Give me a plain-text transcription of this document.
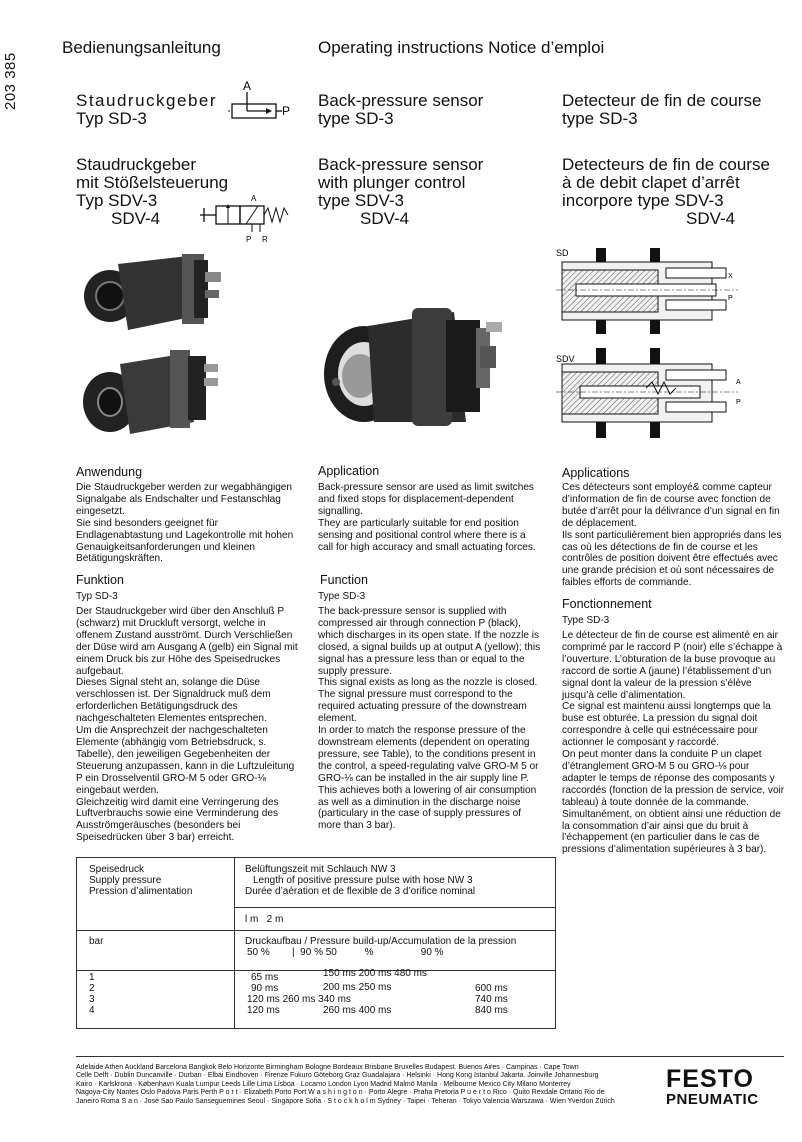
203 385
Bedienungsanleitung	Operating instructions Notice d’emploi
Staudruckgeber
Typ SD-3
Back-pressure sensor
type SD-3
Detecteur de fin de course
type SD-3
A
P
Staudruckgeber
mit Stößelsteuerung
Typ SDV-3
SDV-4
Back-pressure sensor
with plunger control
type SDV-3
SDV-4
Detecteurs de fin de course
à de debit clapet d’arrêt
incorpore type SDV-3
SDV-4
A
P R
SD
X
P
SDV
A
P
Anwendung
Die Staudruckgeber werden zur wegabhängigen Signalgabe als Endschalter und Festanschlag eingesetzt.
Sie sind besonders geeignet für Endlagenabtastung und Lagekontrolle mit hohen Genauigkeitsanforderungen und kleinen Betätigungskräften.
Funktion
Typ SD-3
Der Staudruckgeber wird über den Anschluß P (schwarz) mit Druckluft versorgt, welche in offenem Zustand ausströmt. Durch Verschließen der Düse wird am Ausgang A (gelb) ein Signal mit einem Druck bis zur Höhe des Speisedruckes aufgebaut.
Dieses Signal steht an, solange die Düse verschlossen ist. Der Signaldruck muß dem erforderlichen Betätigungsdruck des nachgeschalteten Elementes entsprechen.
Um die Ansprechzeit der nachgeschalteten Elemente (abhängig vom Betriebsdruck, s. Tabelle), den jeweiligen Gegebenheiten der Steuerung anzupassen, kann in die Luftzuleitung P ein Drosselventil GRO-M 5 oder GRO-⅛ eingebaut werden.
Gleichzeitig wird damit eine Verringerung des Luftverbrauchs sowie eine Verminderung des Ausströmgeräusches (besonders bei Speisedrücken über 3 bar) erreicht.
Application
Back-pressure sensor are used as limit switches and fixed stops for displacement-dependent signalling.
They are particularly suitable for end position sensing and positional control where there is a call for high accuracy and small actuating forces.
Function
Type SD-3
The back-pressure sensor is supplied with compressed air through connection P (black), which discharges in its open state. If the nozzle is closed, a signal builds up at output A (yellow); this signal has a pressure less than or equal to the supply pressure.
This signal exists as long as the nozzle is closed. The signal pressure must correspond to the required actuating pressure of the downstream element.
In order to match the response pressure of the downstream elements (dependent on operating pressure, see Table), to the conditions present in the control, a speed-regulating valve GRO-M 5 or GRO-⅛ can be installed in the air supply line P.
This achieves both a lowering of air consumption as well as a diminution in the discharge noise (particulary in the case of supply pressures of more than 3 bar).
Applications
Ces détecteurs sont employé& comme capteur d’information de fin de course avec fonction de butée d’arrêt pour la délivrance d’un signal en fin de déplacement.
Ils sont particulièrement bien appropriés dans les cas où les détections de fin de course et les contrôles de position doivent être effectués avec une grande précision et où sont nécessaires de faibles efforts de commande.
Fonctionnement
Type SD-3
Le détecteur de fin de course est alimenté en air comprimé par le raccord P (noir) elle s’échappe à l’ouverture. L’obturation de la buse provoque au raccord de sortie A (jaune) l’établissement d’un signal dont la valeur de la pression s’élève jusqu’à celle d’alimentation.
Ce signal est maintenu aussi longtemps que la buse est obturée. La pression du signal doit correspondre à celle qui estnécessaire pour actionner le composant y raccordé.
On peut monter dans la conduite P un clapet d’étranglement GRO-M 5 ou GRO-⅛ pour adapter le temps de réponse des composants y raccordés (fonction de la pression de service, voir tableau) à toute donnée de la commande.
Simultanément, on obtient ainsi une réduction de la consommation d’air ainsi que du bruit à l’échappement (en particulier dans le cas de pressions d’alimentation supérieures à 3 bar).
Speisedruck
Supply pressure
Pression d’alimentation
Belüftungszeit mit Schlauch NW 3
Length of positive pressure pulse with hose NW 3
Durée d’aération et de flexible de 3 d’orifice nominal
l m   2 m
bar	Druckaufbau / Pressure build-up/Accumulation de la pression
50 %        |  90 % 50          %                 90 %
1
2
3
4
65 ms
90 ms
120 ms 260 ms 340 ms
120 ms
150 ms 200 ms 480 ms
200 ms 250 ms
260 ms 400 ms
600 ms
740 ms
840 ms
Adelaide Athen Auckland Barcelona Bangkok Belo Horizonte Birmingham Bologne Bordeaux Brisbane Bruxelles Budapest. Buenos Aires · Campinas · Cape Town
Celle Delft · Dublin Duncanville · Durban · Elbai Eindhoven · Firenze Fukuro Göteborg Graz Guadalajara · Helsinki · Hong Kong Istanbul Jakarta. Joinville Johannesburg
Kairo · Karlskrona · København Kuala Lumpur Leeds Lille Lima Lisboa · Locarno London Lyon Madrid Malmö Manila · Melbourne Mexico City Milano Monterrey
Nagoya-City Nantes Oslo Padova Paris Perth P o r t · Elizabeth Porto Port W a s h i n g t o n · Porto Alegre · Praha Pretoria P u e r t o Rico · Quito Rexdale Ontario Rio de
Janeiro Roma S a n · José Sao Paulo Sanseguemines Seoul · Singapore Sofia · S t o c k h o l m Sydney · Taipei · Teheran · Tokyo Valencia Warszawa · Wien Yverdon Zürich
FESTO
PNEUMATIC
